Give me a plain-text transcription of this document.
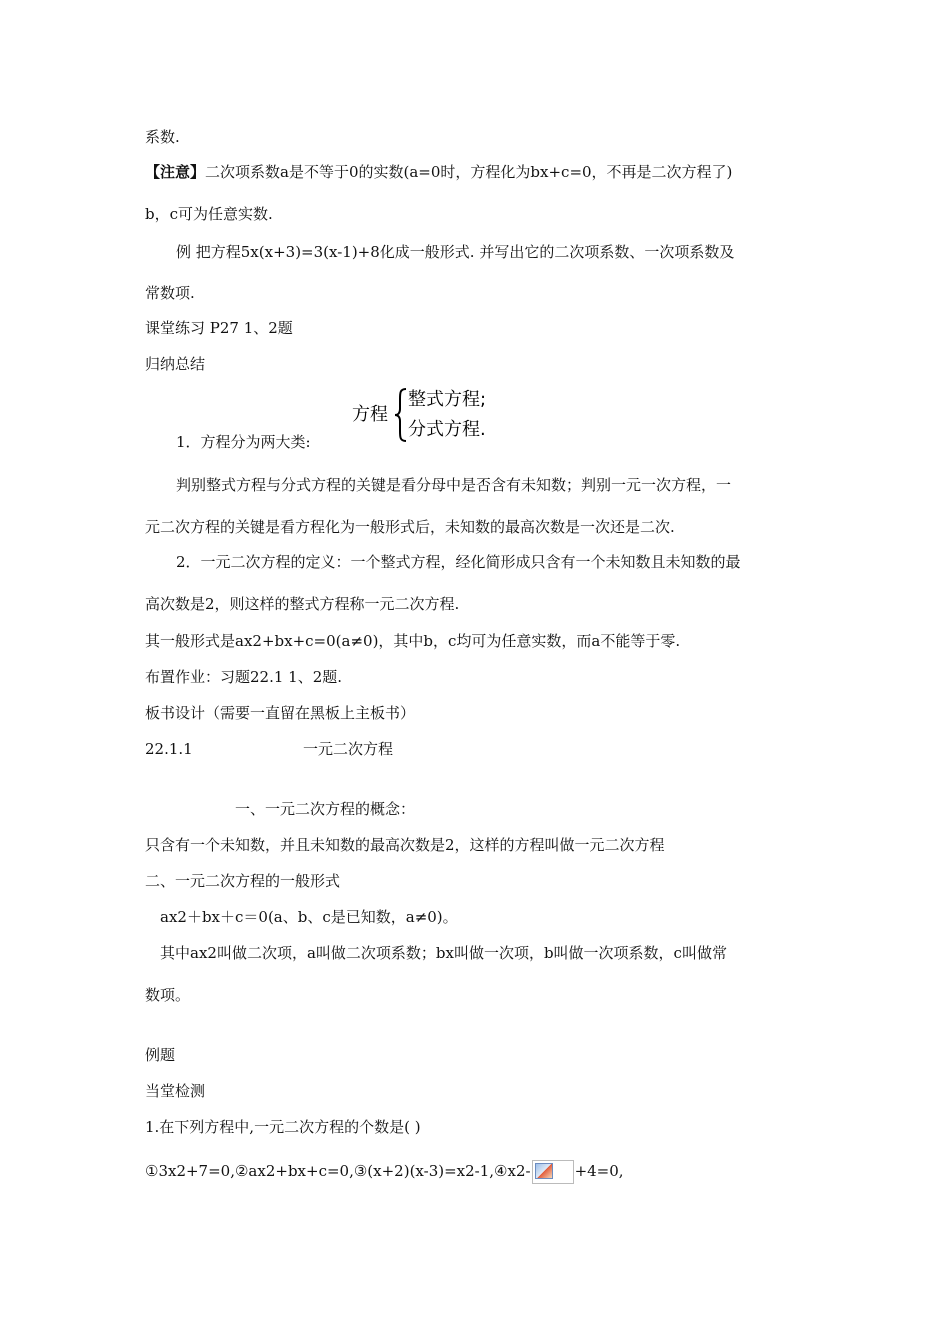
系数.
【注意】二次项系数a是不等于0的实数(a=0时，方程化为bx+c=0，不再是二次方程了)
b，c可为任意实数.
例 把方程5x(x+3)=3(x-1)+8化成一般形式. 并写出它的二次项系数、一次项系数及
常数项.
课堂练习 P27 1、2题
归纳总结
方程
整式方程;
分式方程.
1．方程分为两大类:
判别整式方程与分式方程的关键是看分母中是否含有未知数；判别一元一次方程，一
元二次方程的关键是看方程化为一般形式后，未知数的最高次数是一次还是二次.
2．一元二次方程的定义：一个整式方程，经化简形成只含有一个未知数且未知数的最
高次数是2，则这样的整式方程称一元二次方程.
其一般形式是ax2+bx+c=0(a≠0)，其中b，c均可为任意实数，而a不能等于零.
布置作业：习题22.1 1、2题.
板书设计（需要一直留在黑板上主板书）
22.1.1	一元二次方程
一、一元二次方程的概念：
只含有一个未知数，并且未知数的最高次数是2，这样的方程叫做一元二次方程
二、一元二次方程的一般形式
ax2＋bx＋c＝0(a、b、c是已知数，a≠0)。
其中ax2叫做二次项，a叫做二次项系数；bx叫做一次项，b叫做一次项系数，c叫做常
数项。
例题
当堂检测
1.在下列方程中,一元二次方程的个数是( )
①3x2+7=0,②ax2+bx+c=0,③(x+2)(x-3)=x2-1,④x2-	+4=0,
